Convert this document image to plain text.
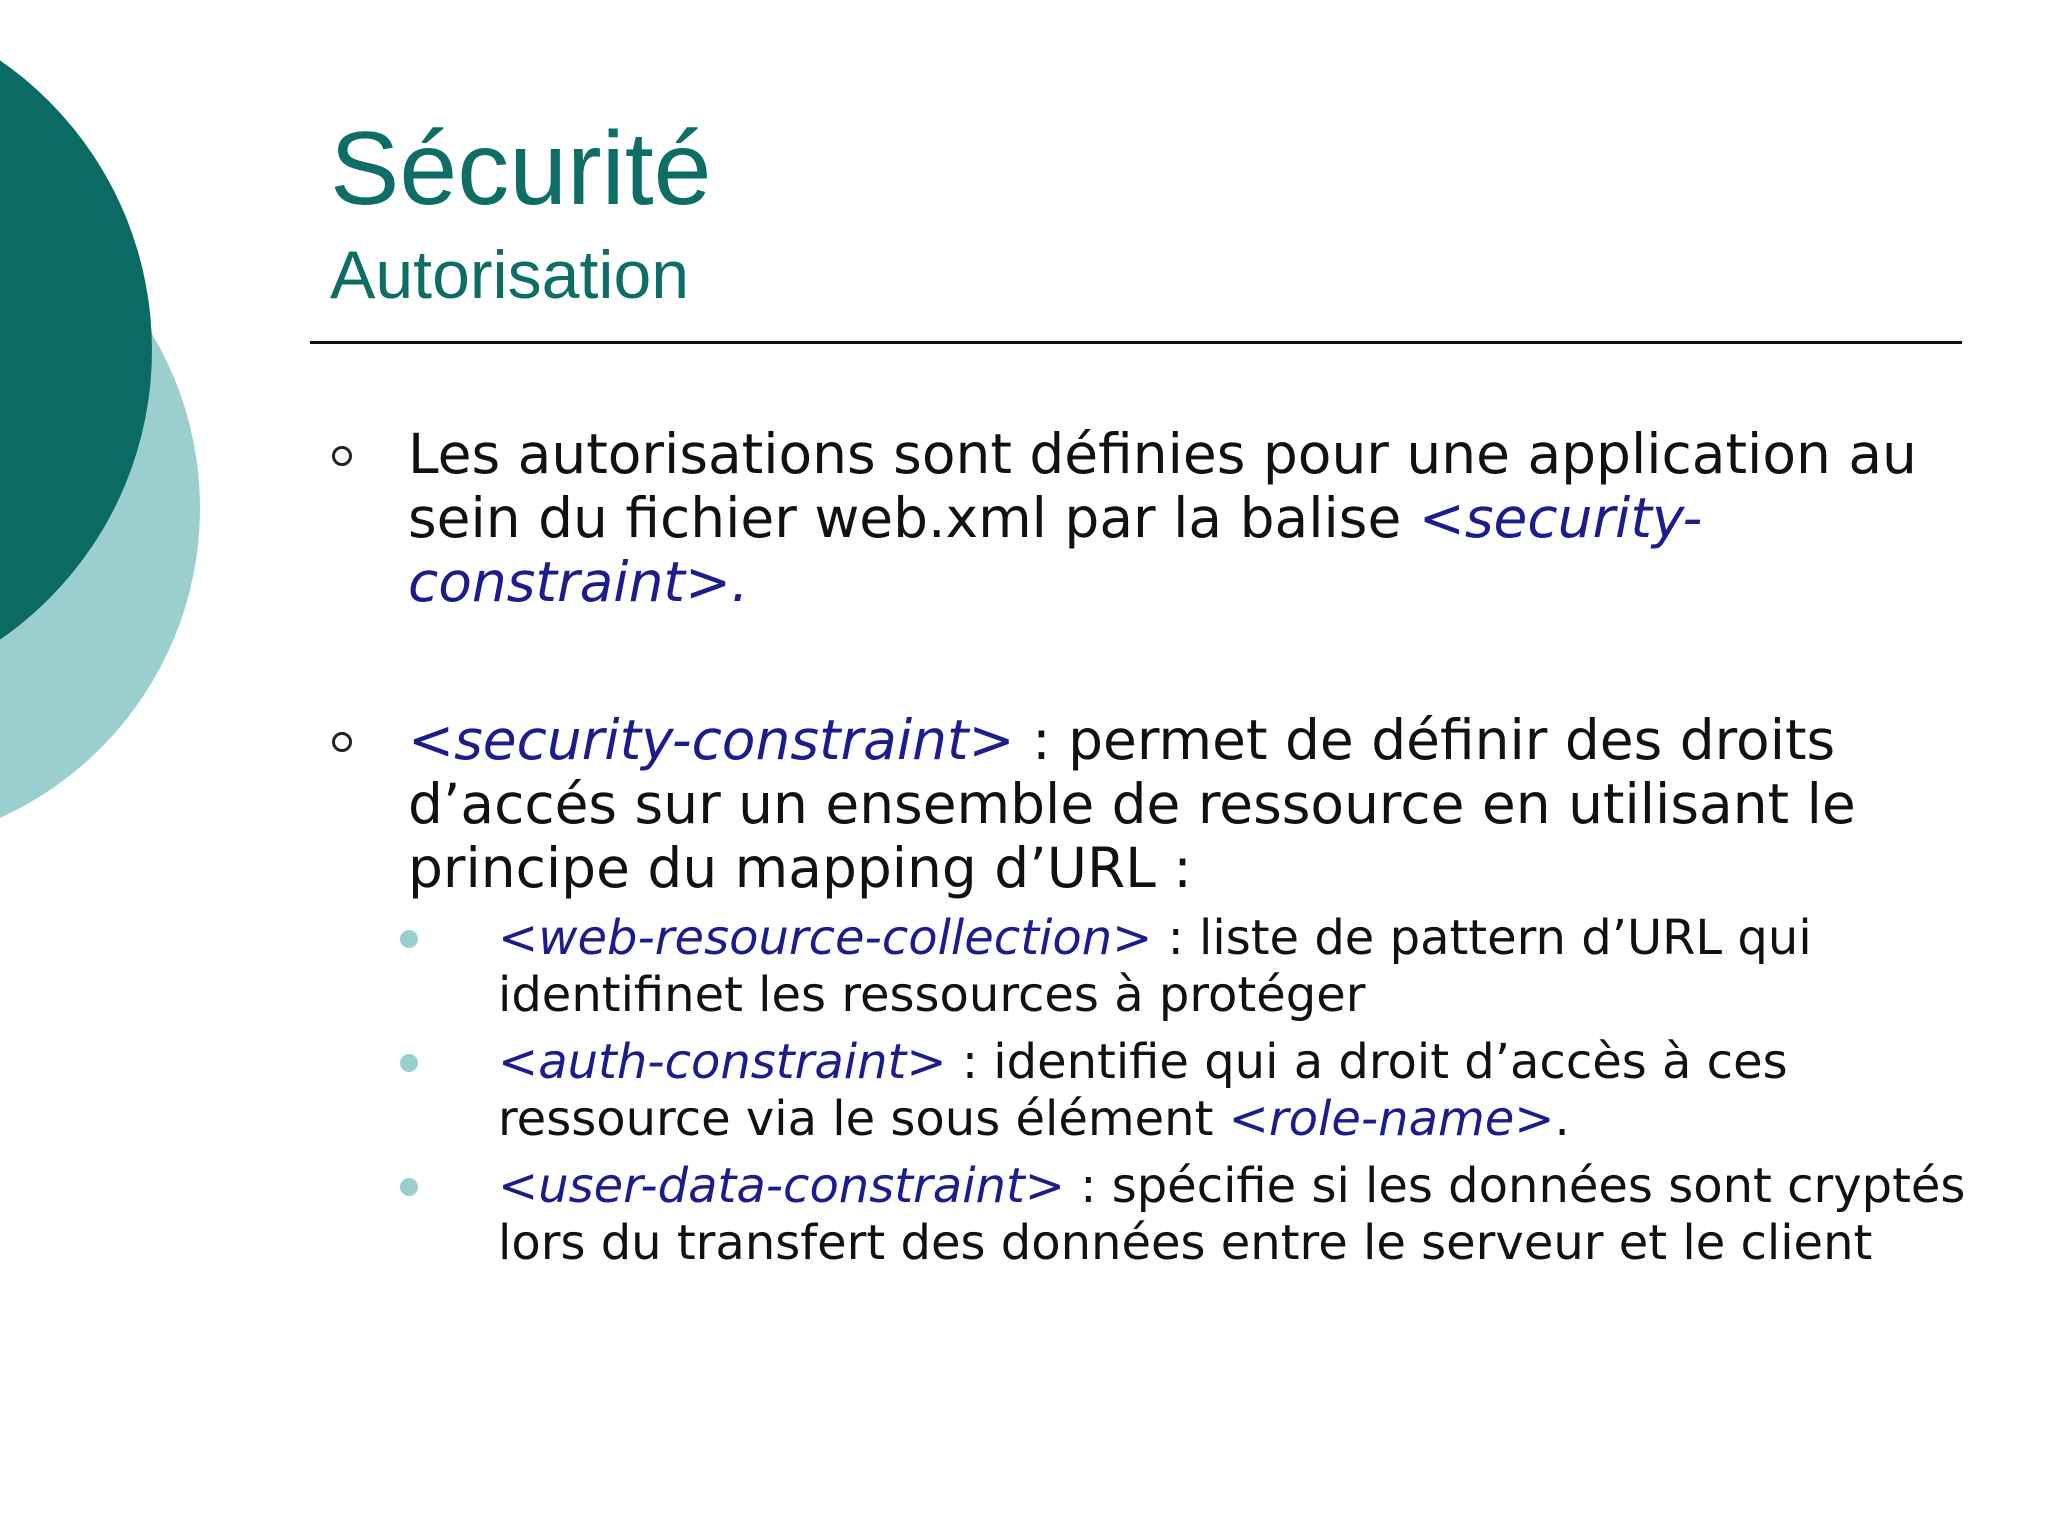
Sécurité
Autorisation
Les autorisations sont définies pour une application au sein du fichier web.xml par la balise <security-constraint>.
<security-constraint> : permet de définir des droits d’accés sur un ensemble de ressource en utilisant le principe du mapping d’URL :
<web-resource-collection> : liste de pattern d’URL qui identifinet les ressources à protéger
<auth-constraint> : identifie qui a droit d’accès à ces ressource via le sous élément <role-name>.
<user-data-constraint> : spécifie si les données sont cryptés lors du transfert des données entre le serveur et le client
